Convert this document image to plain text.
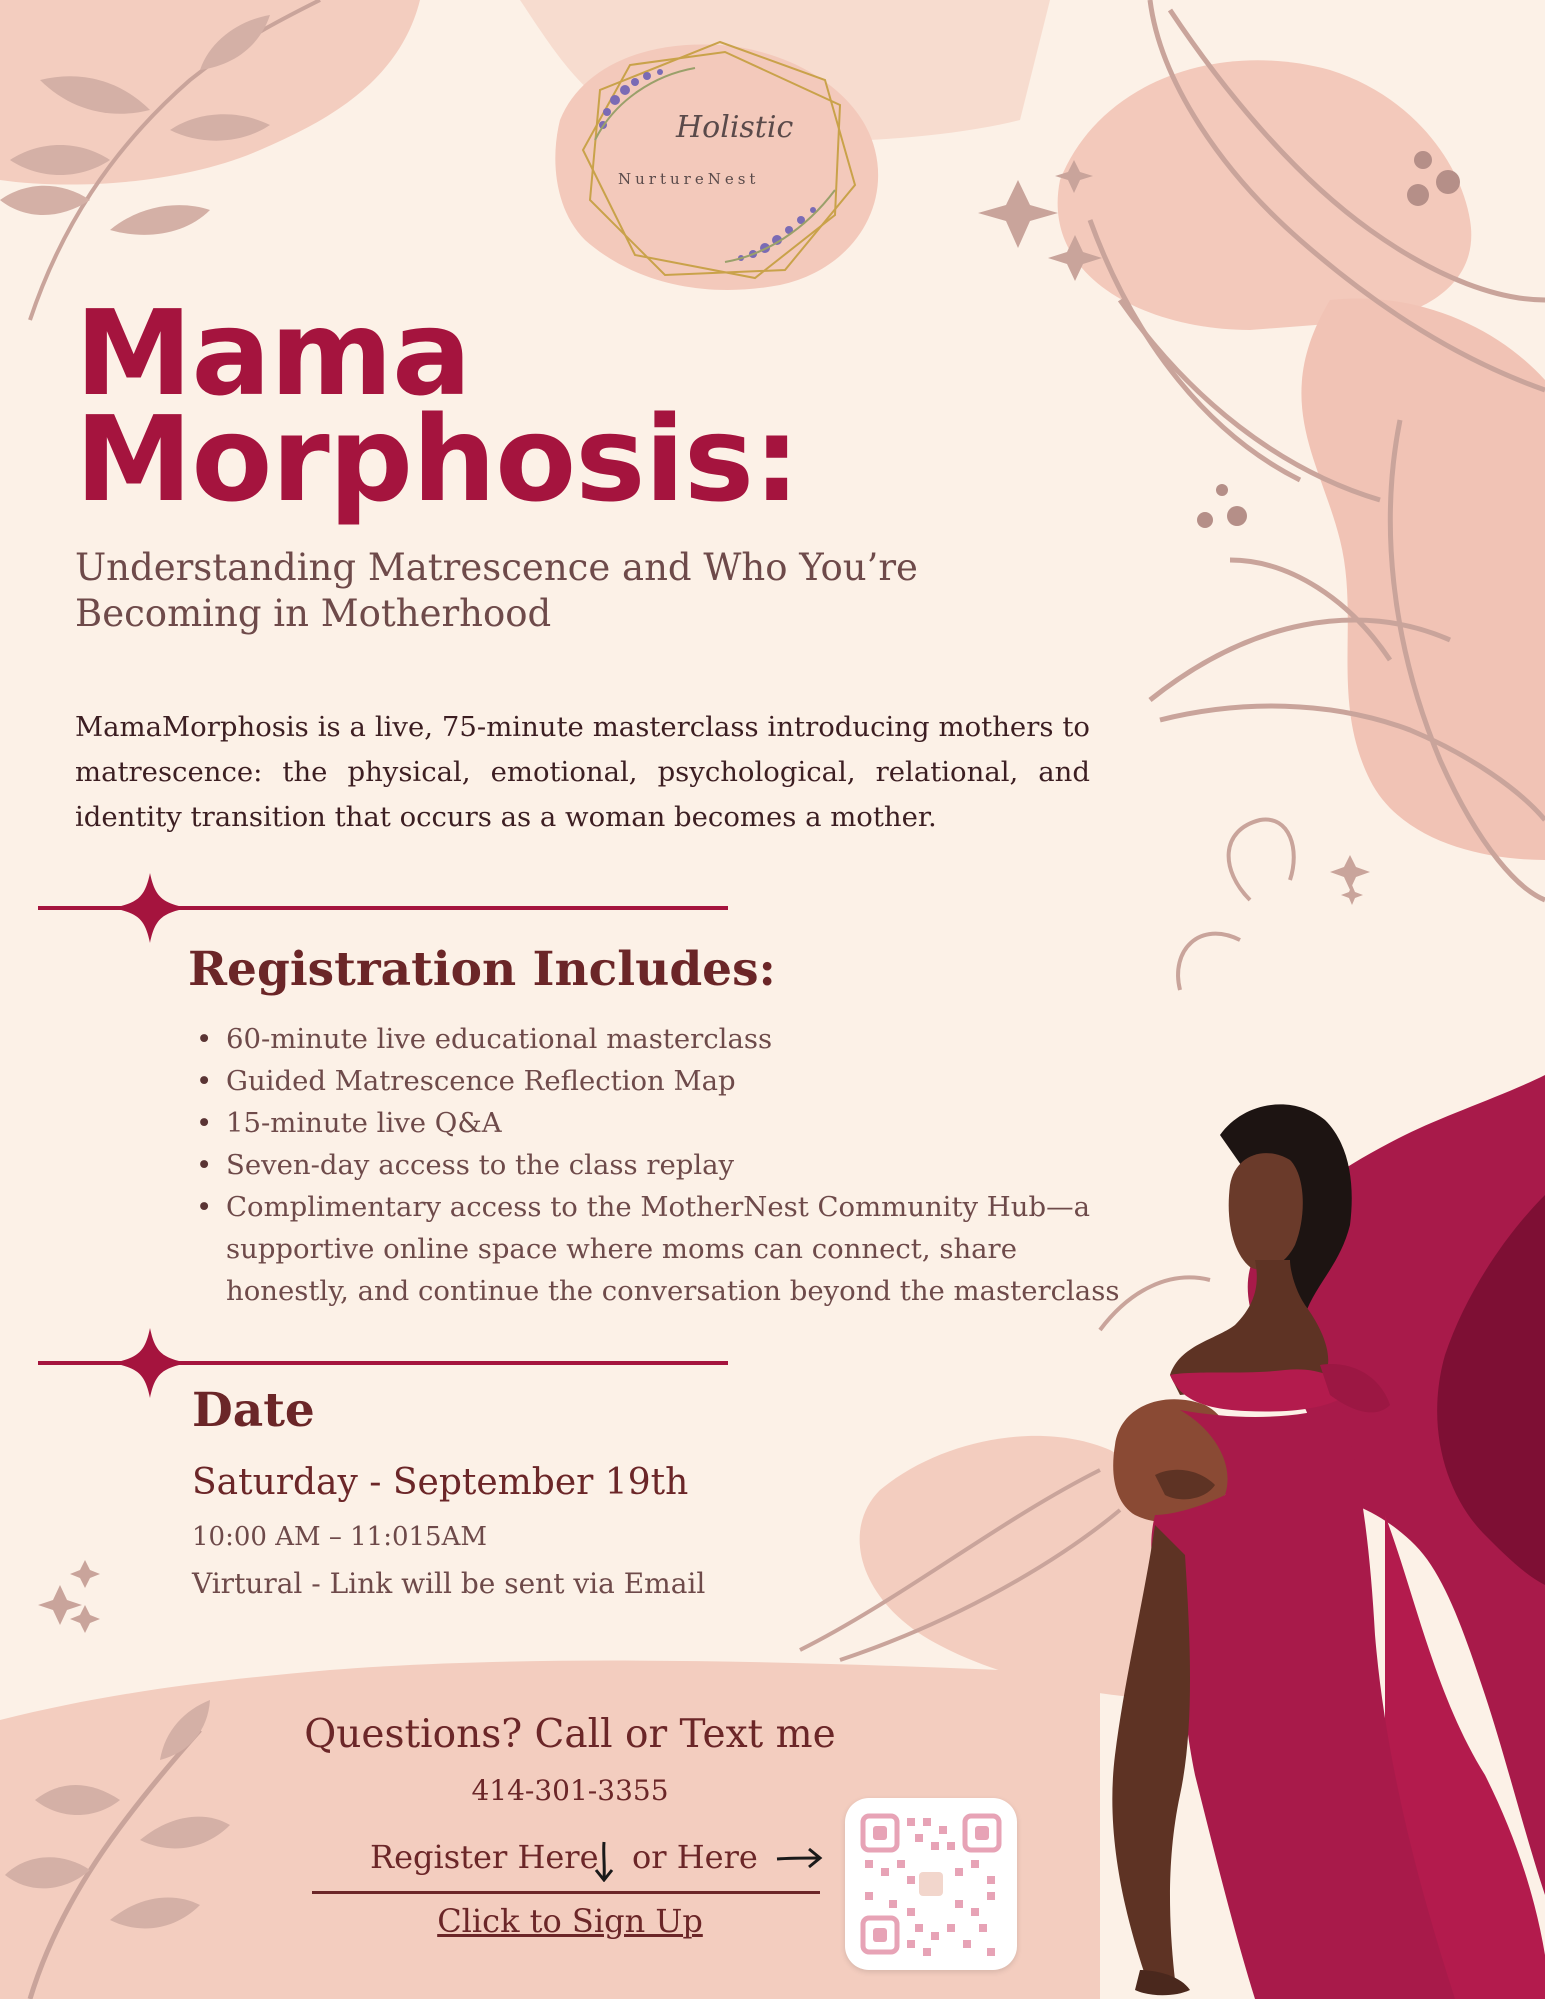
Holistic
NurtureNest
Mama
Morphosis:

Understanding Matrescence and Who You’re
Becoming in Motherhood

MamaMorphosis is a live, 75-minute masterclass introducing mothers to matrescence: the physical, emotional, psychological, relational, and identity transition that occurs as a woman becomes a mother.

Registration Includes:
• 60-minute live educational masterclass
• Guided Matrescence Reflection Map
• 15-minute live Q&A
• Seven-day access to the class replay
• Complimentary access to the MotherNest Community Hub—a supportive online space where moms can connect, share honestly, and continue the conversation beyond the masterclass
Date

Saturday - September 19th

10:00 AM – 11:015AM

Virtural - Link will be sent via Email

Questions? Call or Text me

414-301-3355

Register Here or Here
Click to Sign Up
